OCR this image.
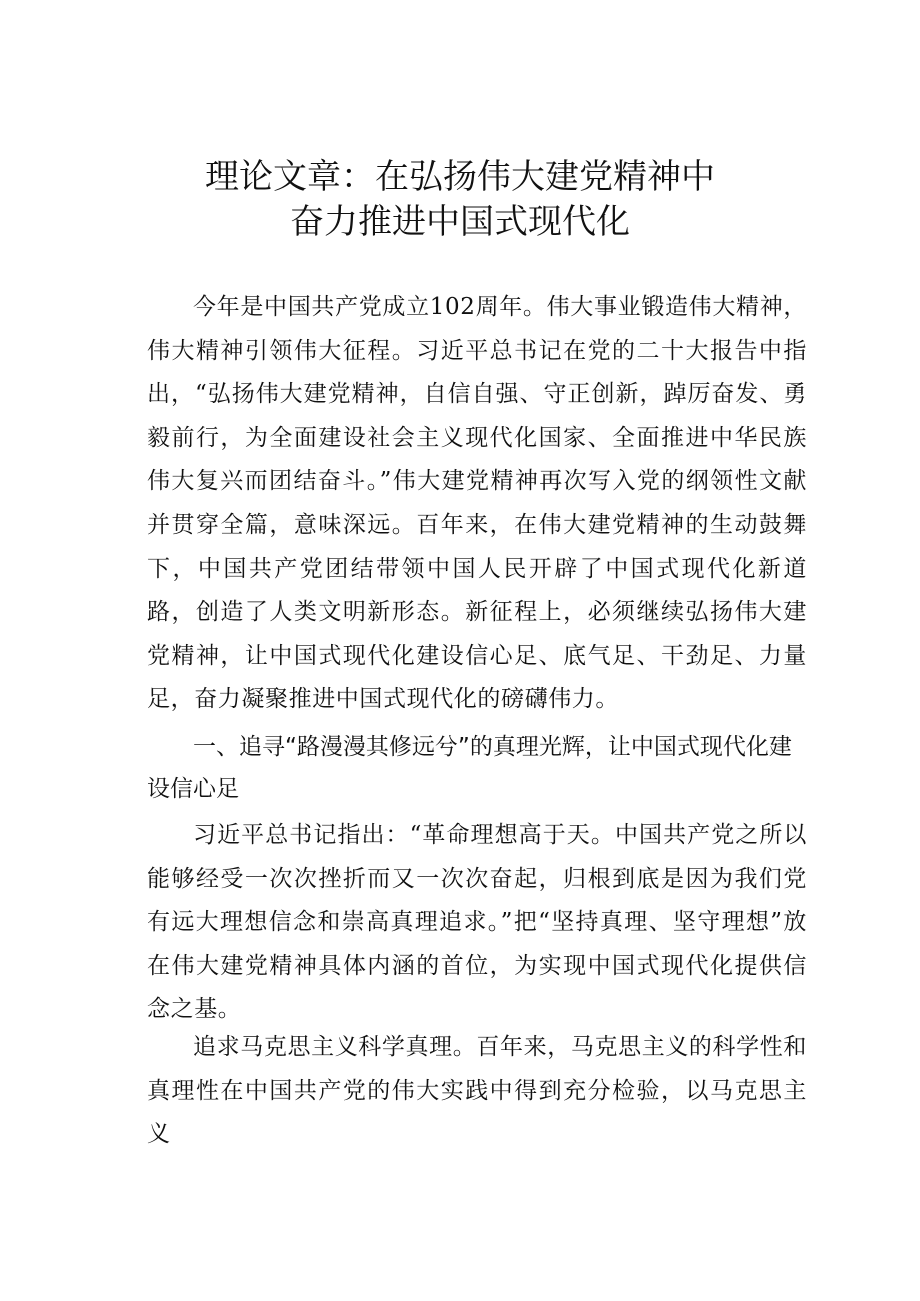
理论文章：在弘扬伟大建党精神中
奋力推进中国式现代化

今年是中国共产党成立102周年。伟大事业锻造伟大精神，伟大精神引领伟大征程。习近平总书记在党的二十大报告中指出，“弘扬伟大建党精神，自信自强、守正创新，踔厉奋发、勇毅前行，为全面建设社会主义现代化国家、全面推进中华民族伟大复兴而团结奋斗。”伟大建党精神再次写入党的纲领性文献并贯穿全篇，意味深远。百年来，在伟大建党精神的生动鼓舞下，中国共产党团结带领中国人民开辟了中国式现代化新道路，创造了人类文明新形态。新征程上，必须继续弘扬伟大建党精神，让中国式现代化建设信心足、底气足、干劲足、力量足，奋力凝聚推进中国式现代化的磅礴伟力。

一、追寻“路漫漫其修远兮”的真理光辉，让中国式现代化建设信心足

习近平总书记指出：“革命理想高于天。中国共产党之所以能够经受一次次挫折而又一次次奋起，归根到底是因为我们党有远大理想信念和崇高真理追求。”把“坚持真理、坚守理想”放在伟大建党精神具体内涵的首位，为实现中国式现代化提供信念之基。

追求马克思主义科学真理。百年来，马克思主义的科学性和真理性在中国共产党的伟大实践中得到充分检验，以马克思主义
